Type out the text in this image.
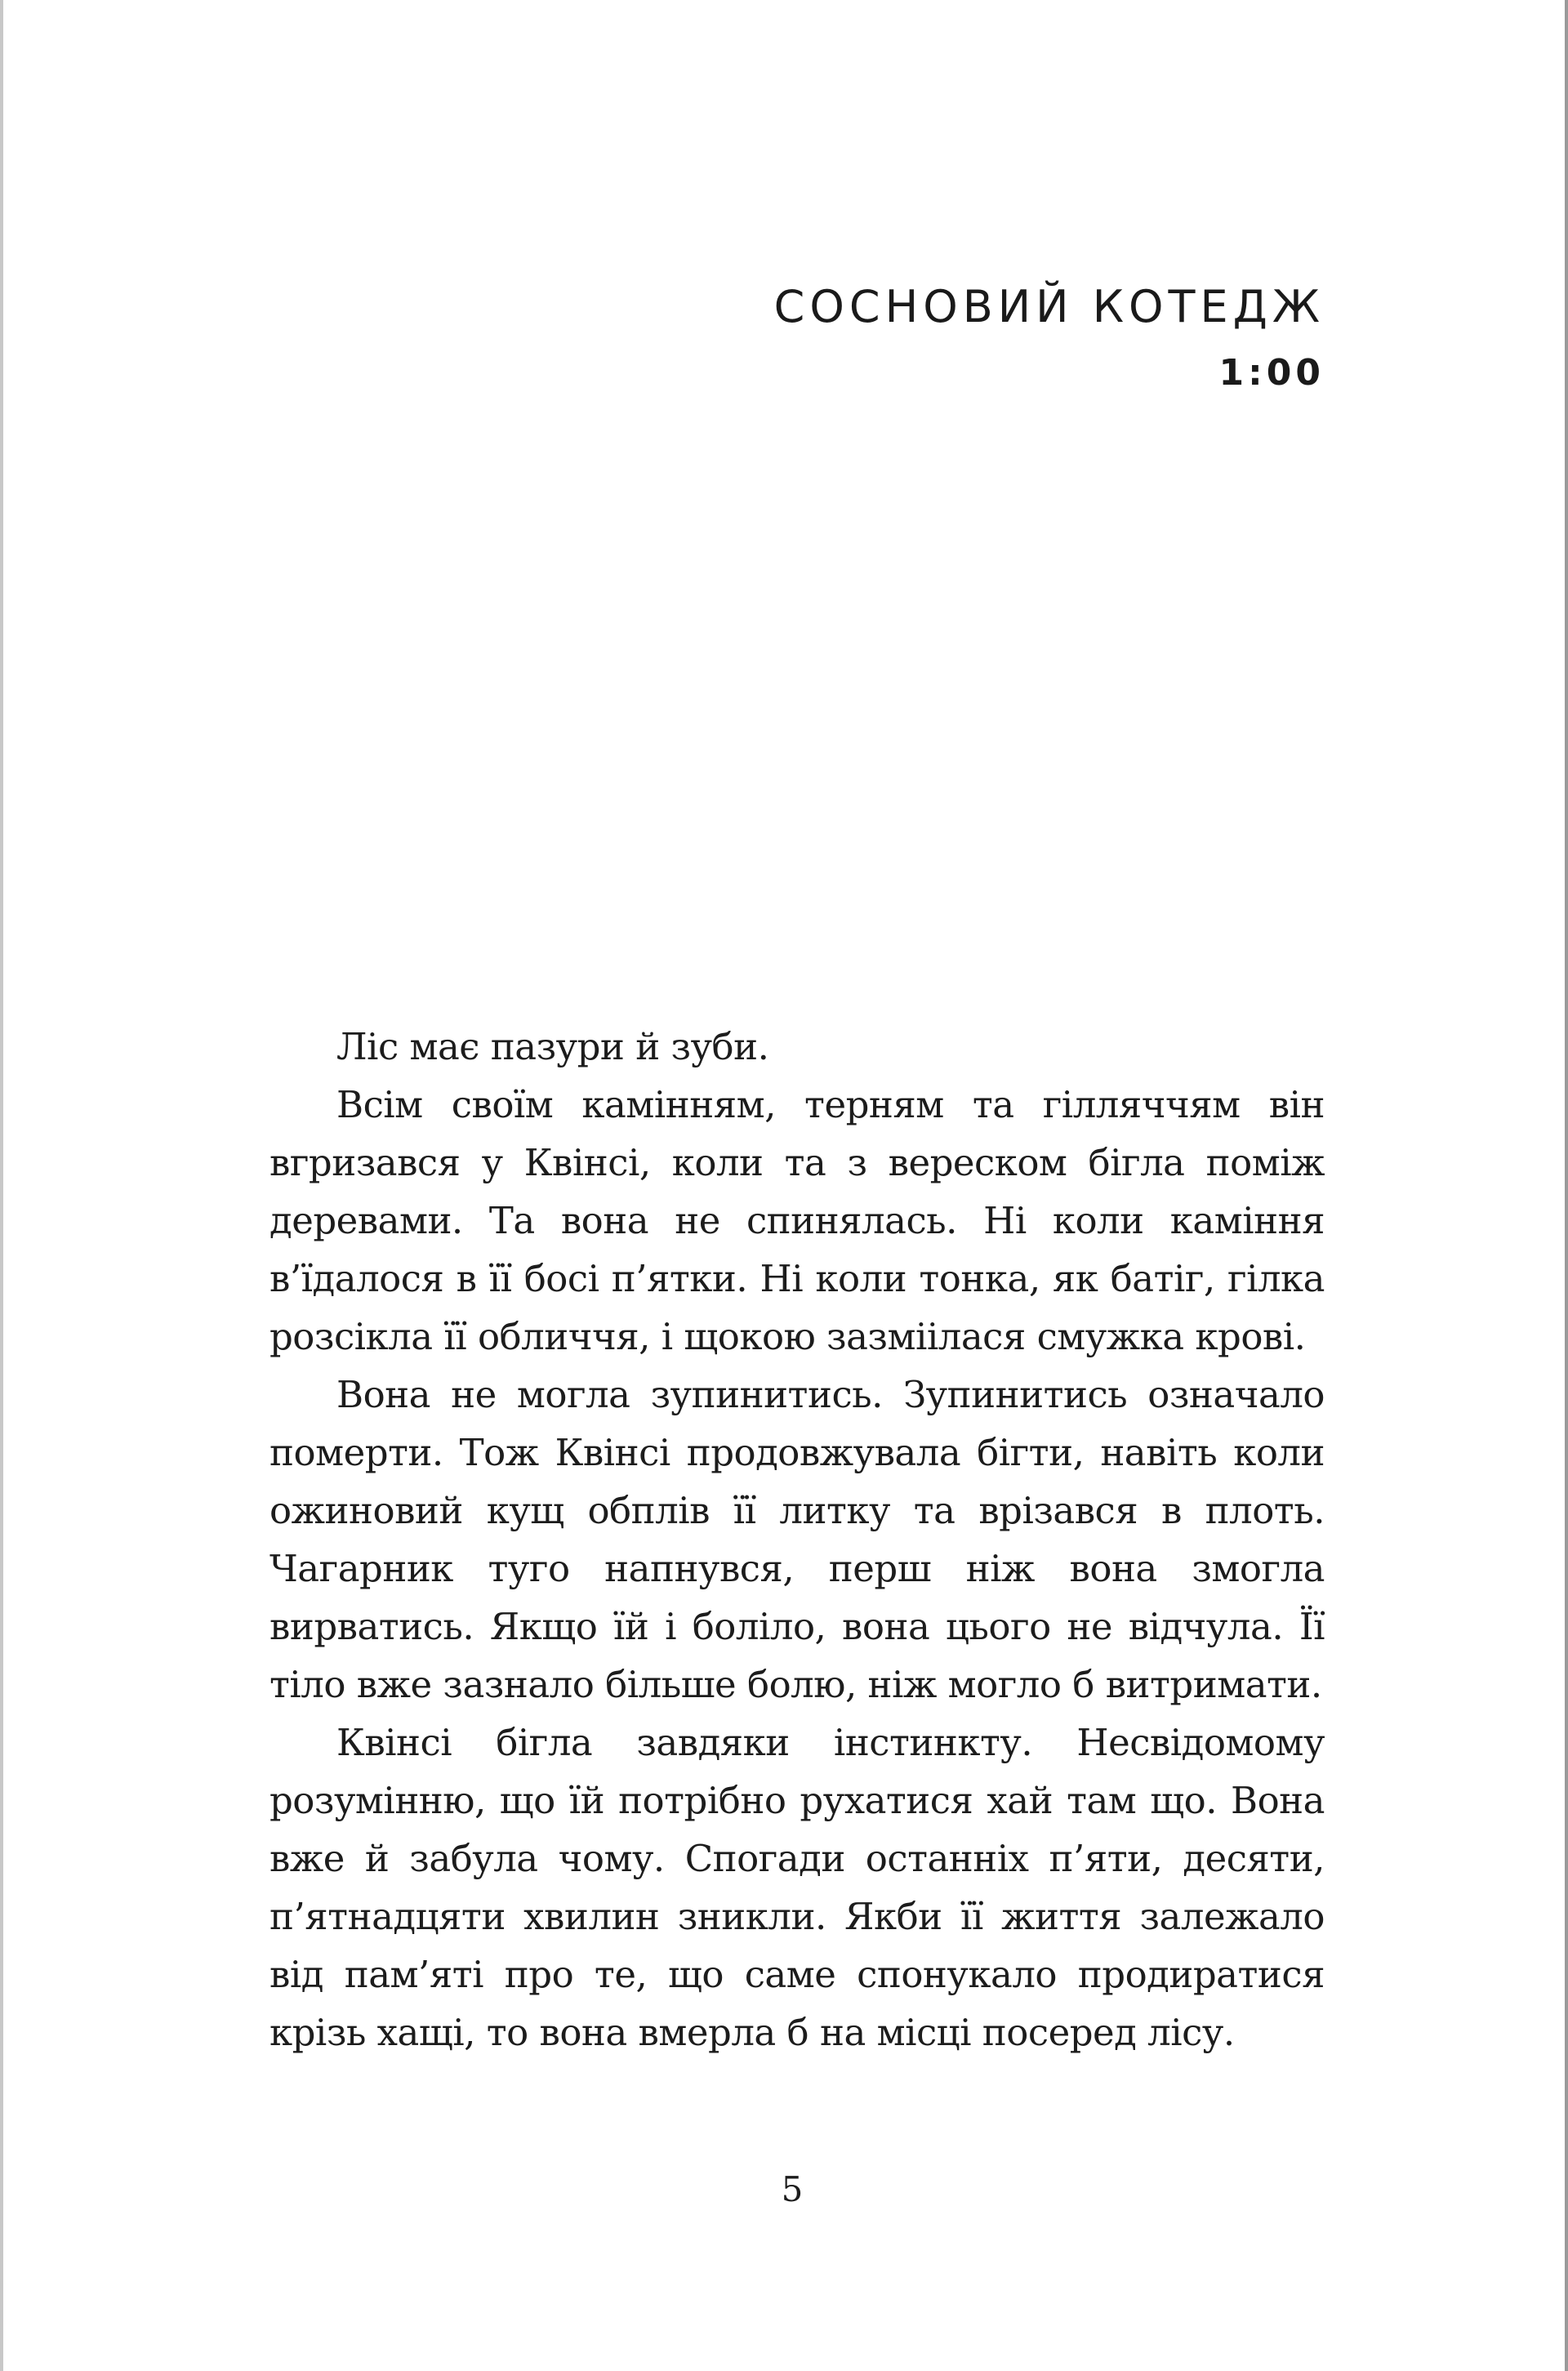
СОСНОВИЙ КОТЕДЖ
1:00

Ліс має пазури й зуби.

Всім своїм камінням, терням та гілляччям він вгризався у Квінсі, коли та з вереском бігла поміж деревами. Та вона не спинялась. Ні коли каміння в’їдалося в її босі п’ятки. Ні коли тонка, як батіг, гілка розсікла її обличчя, і щокою зазміілася смужка крові.

Вона не могла зупинитись. Зупинитись означало померти. Тож Квінсі продовжувала бігти, навіть коли ожиновий кущ обплів її литку та врізався в плоть. Чагарник туго напнувся, перш ніж вона змогла вирватись. Якщо їй і боліло, вона цього не відчула. Її тіло вже зазнало більше болю, ніж могло б витримати.

Квінсі бігла завдяки інстинкту. Несвідомому розумінню, що їй потрібно рухатися хай там що. Вона вже й забула чому. Спогади останніх п’яти, десяти, п’ятнадцяти хвилин зникли. Якби її життя залежало від пам’яті про те, що саме спонукало продиратися крізь хащі, то вона вмерла б на місці посеред лісу.

5
